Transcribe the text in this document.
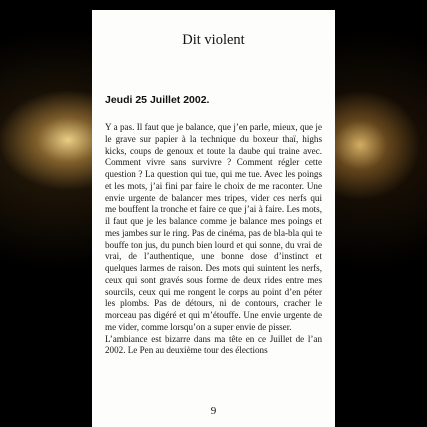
Dit violent
Jeudi 25 Juillet 2002.

Y a pas. Il faut que je balance, que j’en parle, mieux, que je le grave sur papier à la technique du boxeur thaï, highs kicks, coups de genoux et toute la daube qui traine avec. Comment vivre sans survivre ? Comment régler cette question ? La question qui tue, qui me tue. Avec les poings et les mots, j’ai fini par faire le choix de me raconter. Une envie urgente de balancer mes tripes, vider ces nerfs qui me bouffent la tronche et faire ce que j’ai à faire. Les mots, il faut que je les balance comme je balance mes poings et mes jambes sur le ring. Pas de cinéma, pas de bla-bla qui te bouffe ton jus, du punch bien lourd et qui sonne, du vrai de vrai, de l’authentique, une bonne dose d’instinct et quelques larmes de raison. Des mots qui suintent les nerfs, ceux qui sont gravés sous forme de deux rides entre mes sourcils, ceux qui me rongent le corps au point d’en péter les plombs. Pas de détours, ni de contours, cracher le morceau pas digéré et qui m’étouffe. Une envie urgente de me vider, comme lorsqu’on a super envie de pisser.

L’ambiance est bizarre dans ma tête en ce Juillet de l’an 2002. Le Pen au deuxième tour des élections

9
